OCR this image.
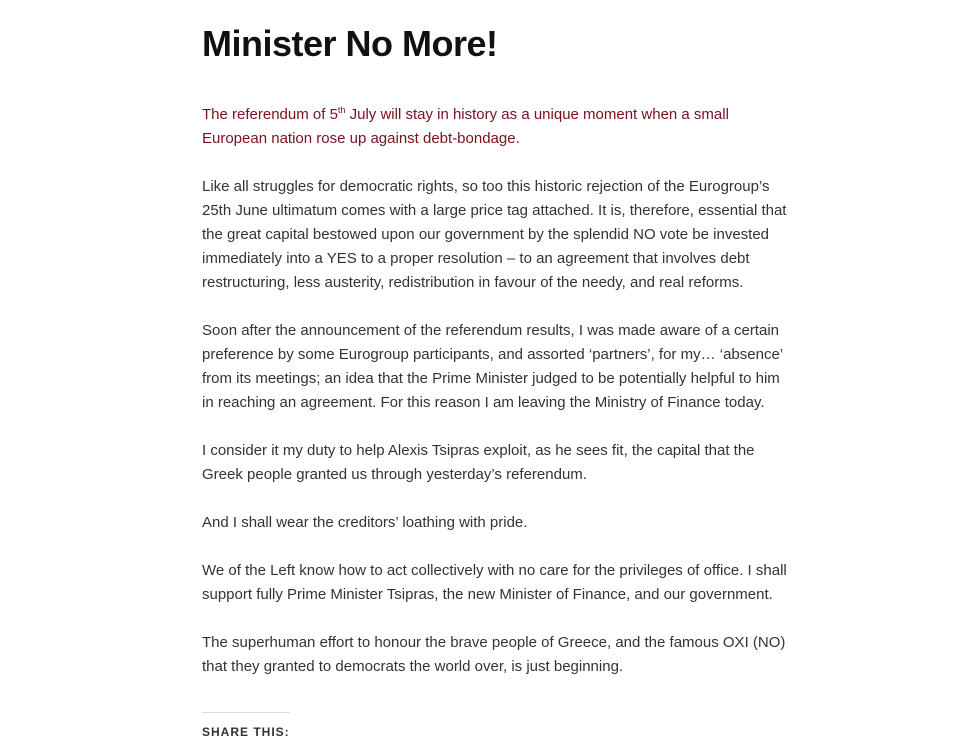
Minister No More!

The referendum of 5th July will stay in history as a unique moment when a small European nation rose up against debt-bondage.

Like all struggles for democratic rights, so too this historic rejection of the Eurogroup’s 25th June ultimatum comes with a large price tag attached. It is, therefore, essential that the great capital bestowed upon our government by the splendid NO vote be invested immediately into a YES to a proper resolution – to an agreement that involves debt restructuring, less austerity, redistribution in favour of the needy, and real reforms.

Soon after the announcement of the referendum results, I was made aware of a certain preference by some Eurogroup participants, and assorted ‘partners’, for my… ‘absence’ from its meetings; an idea that the Prime Minister judged to be potentially helpful to him in reaching an agreement. For this reason I am leaving the Ministry of Finance today.

I consider it my duty to help Alexis Tsipras exploit, as he sees fit, the capital that the Greek people granted us through yesterday’s referendum.

And I shall wear the creditors’ loathing with pride.

We of the Left know how to act collectively with no care for the privileges of office. I shall support fully Prime Minister Tsipras, the new Minister of Finance, and our government.

The superhuman effort to honour the brave people of Greece, and the famous OXI (NO) that they granted to democrats the world over, is just beginning.

SHARE THIS:
